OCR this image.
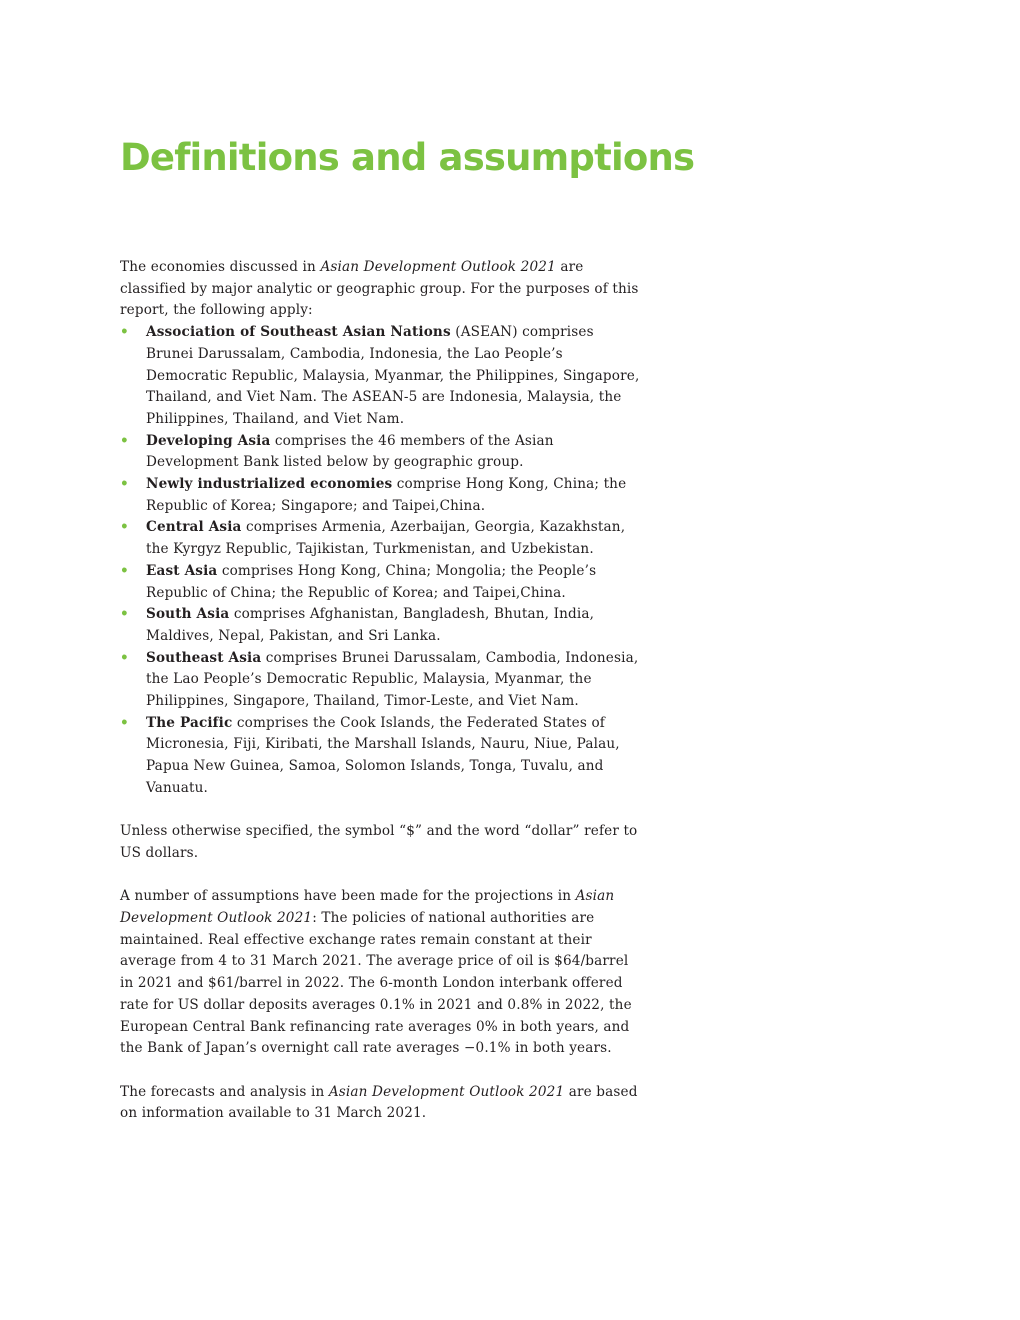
Definitions and assumptions

The economies discussed in Asian Development Outlook 2021 are classified by major analytic or geographic group. For the purposes of this report, the following apply:

• Association of Southeast Asian Nations (ASEAN) comprises Brunei Darussalam, Cambodia, Indonesia, the Lao People’s Democratic Republic, Malaysia, Myanmar, the Philippines, Singapore, Thailand, and Viet Nam. The ASEAN-5 are Indonesia, Malaysia, the Philippines, Thailand, and Viet Nam.
• Developing Asia comprises the 46 members of the Asian Development Bank listed below by geographic group.
• Newly industrialized economies comprise Hong Kong, China; the Republic of Korea; Singapore; and Taipei,China.
• Central Asia comprises Armenia, Azerbaijan, Georgia, Kazakhstan, the Kyrgyz Republic, Tajikistan, Turkmenistan, and Uzbekistan.
• East Asia comprises Hong Kong, China; Mongolia; the People’s Republic of China; the Republic of Korea; and Taipei,China.
• South Asia comprises Afghanistan, Bangladesh, Bhutan, India, Maldives, Nepal, Pakistan, and Sri Lanka.
• Southeast Asia comprises Brunei Darussalam, Cambodia, Indonesia, the Lao People’s Democratic Republic, Malaysia, Myanmar, the Philippines, Singapore, Thailand, Timor-Leste, and Viet Nam.
• The Pacific comprises the Cook Islands, the Federated States of Micronesia, Fiji, Kiribati, the Marshall Islands, Nauru, Niue, Palau, Papua New Guinea, Samoa, Solomon Islands, Tonga, Tuvalu, and Vanuatu.

Unless otherwise specified, the symbol “$” and the word “dollar” refer to US dollars.

A number of assumptions have been made for the projections in Asian Development Outlook 2021: The policies of national authorities are maintained. Real effective exchange rates remain constant at their average from 4 to 31 March 2021. The average price of oil is $64/barrel in 2021 and $61/barrel in 2022. The 6-month London interbank offered rate for US dollar deposits averages 0.1% in 2021 and 0.8% in 2022, the European Central Bank refinancing rate averages 0% in both years, and the Bank of Japan’s overnight call rate averages −0.1% in both years.

The forecasts and analysis in Asian Development Outlook 2021 are based on information available to 31 March 2021.
